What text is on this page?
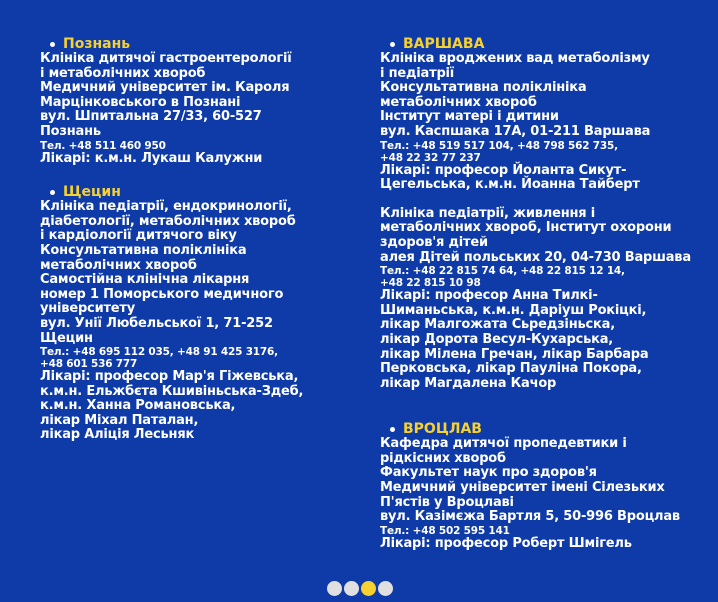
Познань
Клініка дитячої гастроентерології
і метаболічних хвороб
Медичний університет ім. Кароля
Марцінковського в Познані
вул. Шпитальна 27/33, 60-527
Познань
Тел. +48 511 460 950
Лікарі: к.м.н. Лукаш Калужни
Щецин
Клініка педіатрії, ендокринології,
діабетології, метаболічних хвороб
і кардіології дитячого віку
Консультативна поліклініка
метаболічних хвороб
Самостійна клінічна лікарня
номер 1 Поморського медичного
університету
вул. Унії Любельської 1, 71-252
Щецин
Тел.: +48 695 112 035, +48 91 425 3176,
+48 601 536 777
Лікарі: професор Мар'я Гіжевська,
к.м.н. Ельжбєта Кшивіньська-Здеб,
к.м.н. Ханна Романовська,
лікар Міхал Паталан,
лікар Аліція Лесьняк
ВАРШАВА
Клініка вроджених вад метаболізму
і педіатрії
Консультативна поліклініка
метаболічних хвороб
Інститут матері і дитини
вул. Каспшака 17А, 01-211 Варшава
Тел.: +48 519 517 104, +48 798 562 735,
+48 22 32 77 237
Лікарі: професор Йоланта Сикут-
Цегельська, к.м.н. Йоанна Тайберт
Клініка педіатрії, живлення і
метаболічних хвороб, Інститут охорони
здоров'я дітей
алея Дітей польських 20, 04-730 Варшава
Тел.: +48 22 815 74 64, +48 22 815 12 14,
+48 22 815 10 98
Лікарі: професор Анна Тилкі-
Шиманьська, к.м.н. Даріуш Рокіцкі,
лікар Малгожата Сьредзіньска,
лікар Дорота Весул-Кухарська,
лікар Мілена Гречан, лікар Барбара
Перковська, лікар Пауліна Покора,
лікар Магдалена Качор
ВРОЦЛАВ
Кафедра дитячої пропедевтики і
рідкісних хвороб
Факультет наук про здоров'я
Медичний університет імені Сілезьких
П'ястів у Вроцлаві
вул. Казімєжа Бартля 5, 50-996 Вроцлав
Тел.: +48 502 595 141
Лікарі: професор Роберт Шмігель
